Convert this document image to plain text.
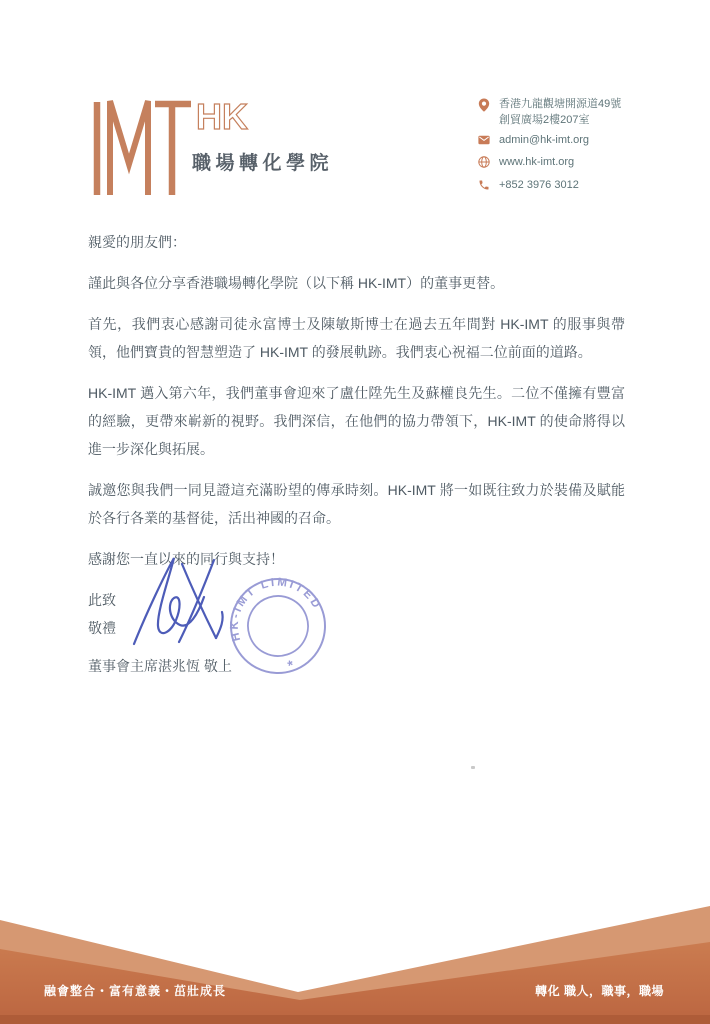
HK
職場轉化學院
香港九龍觀塘開源道49號
創貿廣場2樓207室
admin@hk-imt.org
www.hk-imt.org
+852 3976 3012

親愛的朋友們：

謹此與各位分享香港職場轉化學院（以下稱 HK-IMT）的董事更替。

首先，我們衷心感謝司徒永富博士及陳敏斯博士在過去五年間對 HK-IMT 的服事與帶領，他們寶貴的智慧塑造了 HK-IMT 的發展軌跡。我們衷心祝福二位前面的道路。

HK-IMT 邁入第六年，我們董事會迎來了盧仕陞先生及蘇權良先生。二位不僅擁有豐富的經驗，更帶來嶄新的視野。我們深信，在他們的協力帶領下，HK-IMT 的使命將得以進一步深化與拓展。

誠邀您與我們一同見證這充滿盼望的傳承時刻。HK-IMT 將一如既往致力於裝備及賦能於各行各業的基督徒，活出神國的召命。

感謝您一直以來的同行與支持！

此致
敬禮
董事會主席湛兆恆 敬上
HK-IMT LIMITED
*
融會整合・富有意義・茁壯成長	轉化 職人，職事，職場
